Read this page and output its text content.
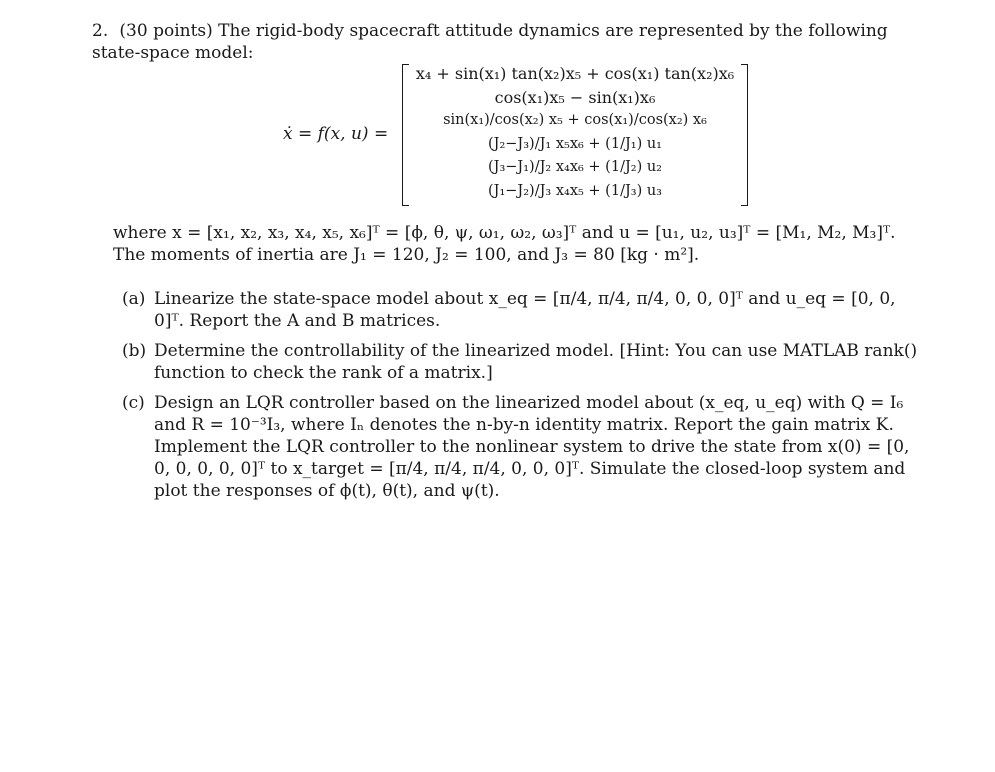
2. (30 points) The rigid-body spacecraft attitude dynamics are represented by the following state-space model:

ẋ = f(x, u) =
x₄ + sin(x₁) tan(x₂)x₅ + cos(x₁) tan(x₂)x₆
cos(x₁)x₅ − sin(x₁)x₆
sin(x₁)/cos(x₂) x₅ + cos(x₁)/cos(x₂) x₆
(J₂−J₃)/J₁ x₅x₆ + (1/J₁) u₁
(J₃−J₁)/J₂ x₄x₆ + (1/J₂) u₂
(J₁−J₂)/J₃ x₄x₅ + (1/J₃) u₃

where x = [x₁, x₂, x₃, x₄, x₅, x₆]ᵀ = [ϕ, θ, ψ, ω₁, ω₂, ω₃]ᵀ and u = [u₁, u₂, u₃]ᵀ = [M₁, M₂, M₃]ᵀ. The moments of inertia are J₁ = 120, J₂ = 100, and J₃ = 80 [kg · m²].

(a) Linearize the state-space model about x_eq = [π/4, π/4, π/4, 0, 0, 0]ᵀ and u_eq = [0, 0, 0]ᵀ. Report the A and B matrices.
(b) Determine the controllability of the linearized model. [Hint: You can use MATLAB rank() function to check the rank of a matrix.]
(c) Design an LQR controller based on the linearized model about (x_eq, u_eq) with Q = I₆ and R = 10⁻³I₃, where Iₙ denotes the n-by-n identity matrix. Report the gain matrix K. Implement the LQR controller to the nonlinear system to drive the state from x(0) = [0, 0, 0, 0, 0, 0]ᵀ to x_target = [π/4, π/4, π/4, 0, 0, 0]ᵀ. Simulate the closed-loop system and plot the responses of ϕ(t), θ(t), and ψ(t).
